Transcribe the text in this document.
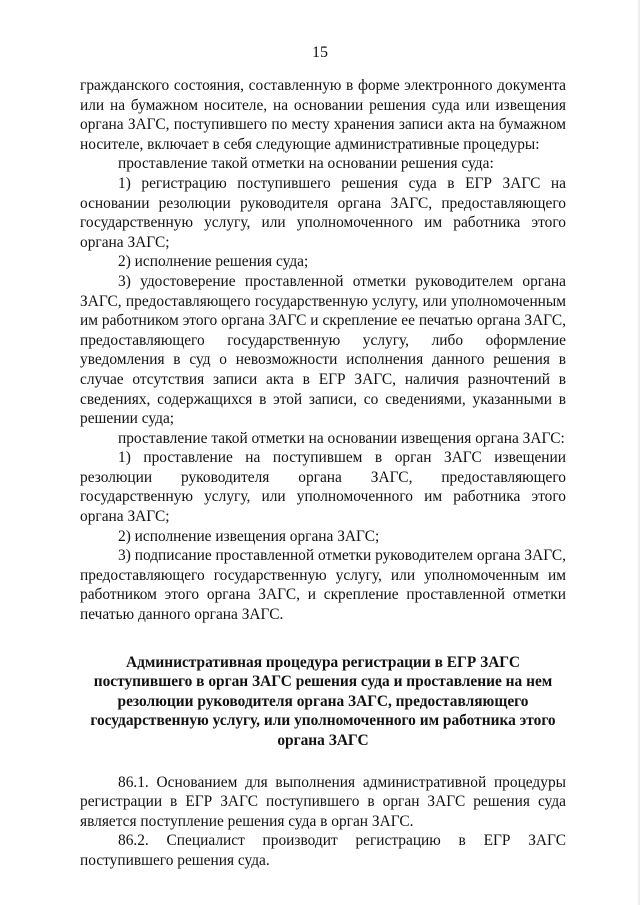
15

гражданского состояния, составленную в форме электронного документа или на бумажном носителе, на основании решения суда или извещения органа ЗАГС, поступившего по месту хранения записи акта на бумажном носителе, включает в себя следующие административные процедуры:

проставление такой отметки на основании решения суда:

1) регистрацию поступившего решения суда в ЕГР ЗАГС на основании резолюции руководителя органа ЗАГС, предоставляющего государственную услугу, или уполномоченного им работника этого органа ЗАГС;

2) исполнение решения суда;

3) удостоверение проставленной отметки руководителем органа ЗАГС, предоставляющего государственную услугу, или уполномоченным им работником этого органа ЗАГС и скрепление ее печатью органа ЗАГС, предоставляющего государственную услугу, либо оформление уведомления в суд о невозможности исполнения данного решения в случае отсутствия записи акта в ЕГР ЗАГС, наличия разночтений в сведениях, содержащихся в этой записи, со сведениями, указанными в решении суда;

проставление такой отметки на основании извещения органа ЗАГС:

1) проставление на поступившем в орган ЗАГС извещении резолюции руководителя органа ЗАГС, предоставляющего государственную услугу, или уполномоченного им работника этого органа ЗАГС;

2) исполнение извещения органа ЗАГС;

3) подписание проставленной отметки руководителем органа ЗАГС, предоставляющего государственную услугу, или уполномоченным им работником этого органа ЗАГС, и скрепление проставленной отметки печатью данного органа ЗАГС.

Административная процедура регистрации в ЕГР ЗАГС поступившего в орган ЗАГС решения суда и проставление на нем резолюции руководителя органа ЗАГС, предоставляющего государственную услугу, или уполномоченного им работника этого органа ЗАГС

86.1. Основанием для выполнения административной процедуры регистрации в ЕГР ЗАГС поступившего в орган ЗАГС решения суда является поступление решения суда в орган ЗАГС.

86.2. Специалист производит регистрацию в ЕГР ЗАГС поступившего решения суда.
